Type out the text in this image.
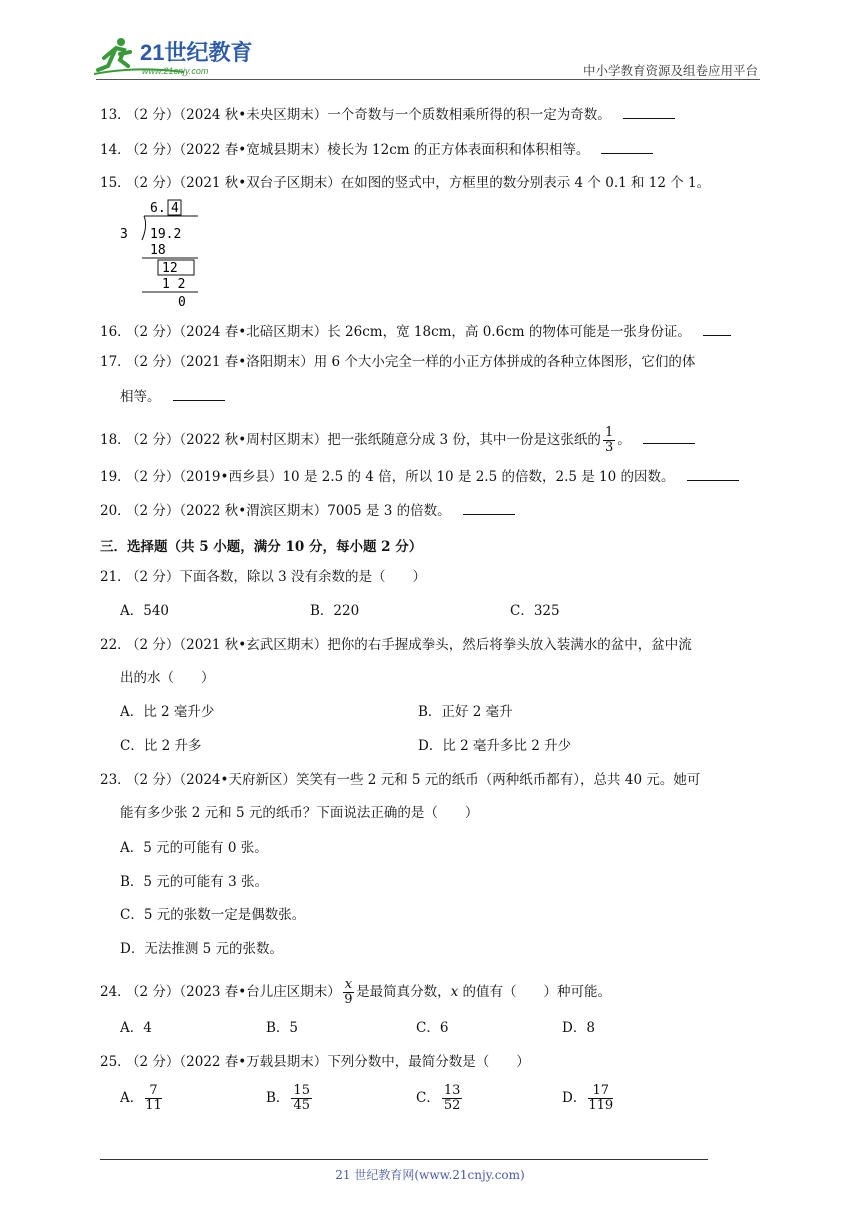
21世纪教育
www.21cnjy.com	中小学教育资源及组卷应用平台
13．（2 分）（2024 秋•未央区期末）一个奇数与一个质数相乘所得的积一定为奇数。
14．（2 分）（2022 春•宽城县期末）棱长为 12cm 的正方体表面积和体积相等。
15．（2 分）（2021 秋•双台子区期末）在如图的竖式中，方框里的数分别表示 4 个 0.1 和 12 个 1。
6. 4
3 19.2
18
12
1 2
0
16．（2 分）（2024 春•北碚区期末）长 26cm，宽 18cm，高 0.6cm 的物体可能是一张身份证。
17．（2 分）（2021 春•洛阳期末）用 6 个大小完全一样的小正方体拼成的各种立体图形，它们的体
相等。
18．（2 分）（2022 秋•周村区期末）把一张纸随意分成 3 份，其中一份是这张纸的 $\frac{1}{3}$ 。
19．（2 分）（2019•西乡县）10 是 2.5 的 4 倍，所以 10 是 2.5 的倍数，2.5 是 10 的因数。
20．（2 分）（2022 秋•渭滨区期末）7005 是 3 的倍数。
三．选择题（共 5 小题，满分 10 分，每小题 2 分）
21．（2 分）下面各数，除以 3 没有余数的是（　　）
A．540	B．220	C．325
22．（2 分）（2021 秋•玄武区期末）把你的右手握成拳头，然后将拳头放入装满水的盆中，盆中流
出的水（　　）
A．比 2 毫升少	B．正好 2 毫升
C．比 2 升多	D．比 2 毫升多比 2 升少
23．（2 分）（2024•天府新区）笑笑有一些 2 元和 5 元的纸币（两种纸币都有），总共 40 元。她可
能有多少张 2 元和 5 元的纸币？下面说法正确的是（　　）
A．5 元的可能有 0 张。
B．5 元的可能有 3 张。
C．5 元的张数一定是偶数张。
D．无法推测 5 元的张数。
24．（2 分）（2023 春•台儿庄区期末） $\frac{x}{9}$ 是最简真分数，x 的值有（　　）种可能。
A．4	B．5	C．6	D．8
25．（2 分）（2022 春•万载县期末）下列分数中，最简分数是（　　）
A． $\frac{7}{11}$	B． $\frac{15}{45}$	C． $\frac{13}{52}$	D． $\frac{17}{119}$
21 世纪教育网(www.21cnjy.com)
